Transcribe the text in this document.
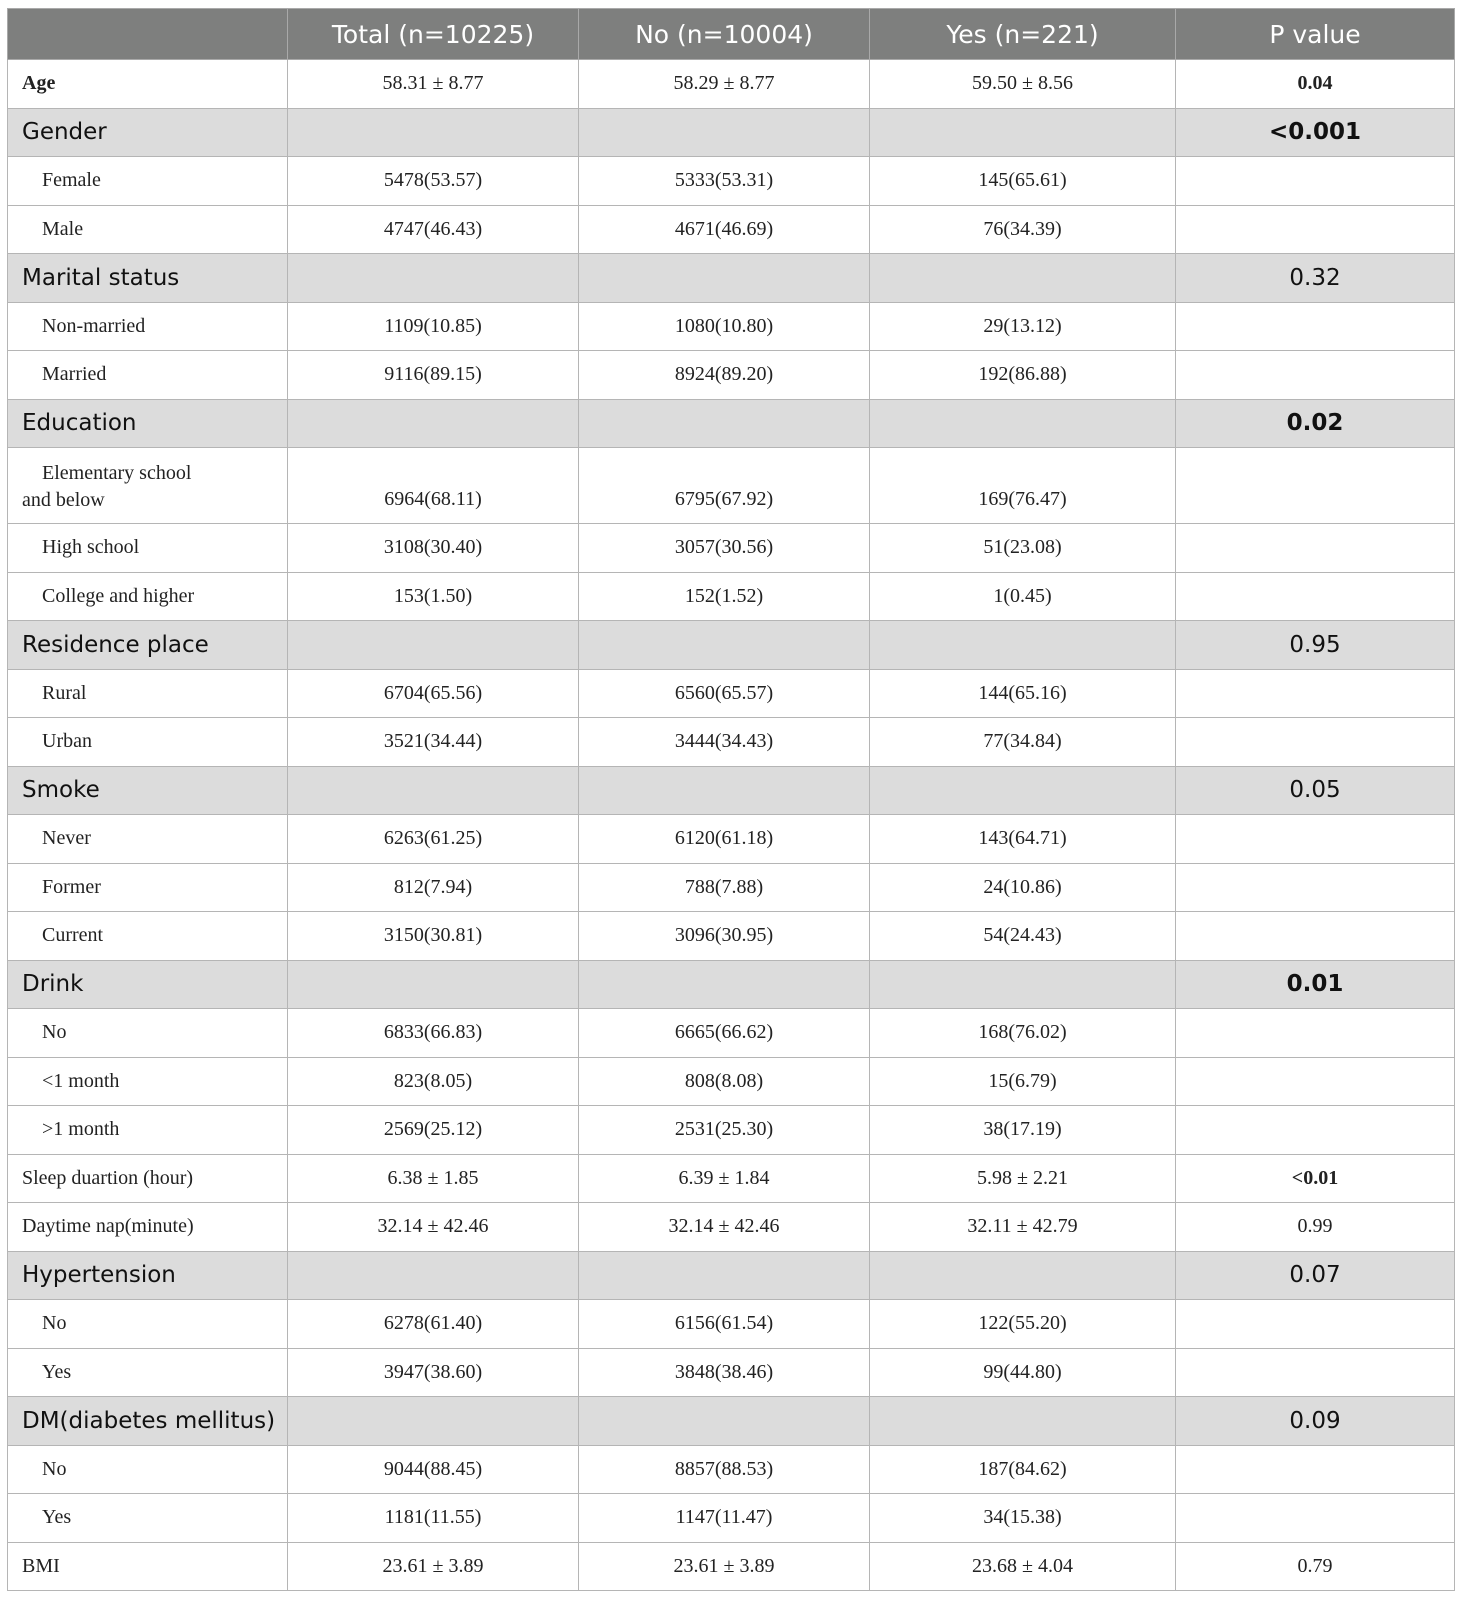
	Total (n=10225)	No (n=10004)	Yes (n=221)	P value
Age	58.31 ± 8.77	58.29 ± 8.77	59.50 ± 8.56	0.04
Gender				<0.001
Female	5478(53.57)	5333(53.31)	145(65.61)	
Male	4747(46.43)	4671(46.69)	76(34.39)	
Marital status				0.32
Non-married	1109(10.85)	1080(10.80)	29(13.12)	
Married	9116(89.15)	8924(89.20)	192(86.88)	
Education				0.02

Elementary school
and below	6964(68.11)	6795(67.92)	169(76.47)	
High school	3108(30.40)	3057(30.56)	51(23.08)	
College and higher	153(1.50)	152(1.52)	1(0.45)	
Residence place				0.95
Rural	6704(65.56)	6560(65.57)	144(65.16)	
Urban	3521(34.44)	3444(34.43)	77(34.84)	
Smoke				0.05
Never	6263(61.25)	6120(61.18)	143(64.71)	
Former	812(7.94)	788(7.88)	24(10.86)	
Current	3150(30.81)	3096(30.95)	54(24.43)	
Drink				0.01
No	6833(66.83)	6665(66.62)	168(76.02)	
<1 month	823(8.05)	808(8.08)	15(6.79)	
>1 month	2569(25.12)	2531(25.30)	38(17.19)	
Sleep duartion (hour)	6.38 ± 1.85	6.39 ± 1.84	5.98 ± 2.21	<0.01
Daytime nap(minute)	32.14 ± 42.46	32.14 ± 42.46	32.11 ± 42.79	0.99
Hypertension				0.07
No	6278(61.40)	6156(61.54)	122(55.20)	
Yes	3947(38.60)	3848(38.46)	99(44.80)	
DM(diabetes mellitus)				0.09
No	9044(88.45)	8857(88.53)	187(84.62)	
Yes	1181(11.55)	1147(11.47)	34(15.38)	
BMI	23.61 ± 3.89	23.61 ± 3.89	23.68 ± 4.04	0.79
